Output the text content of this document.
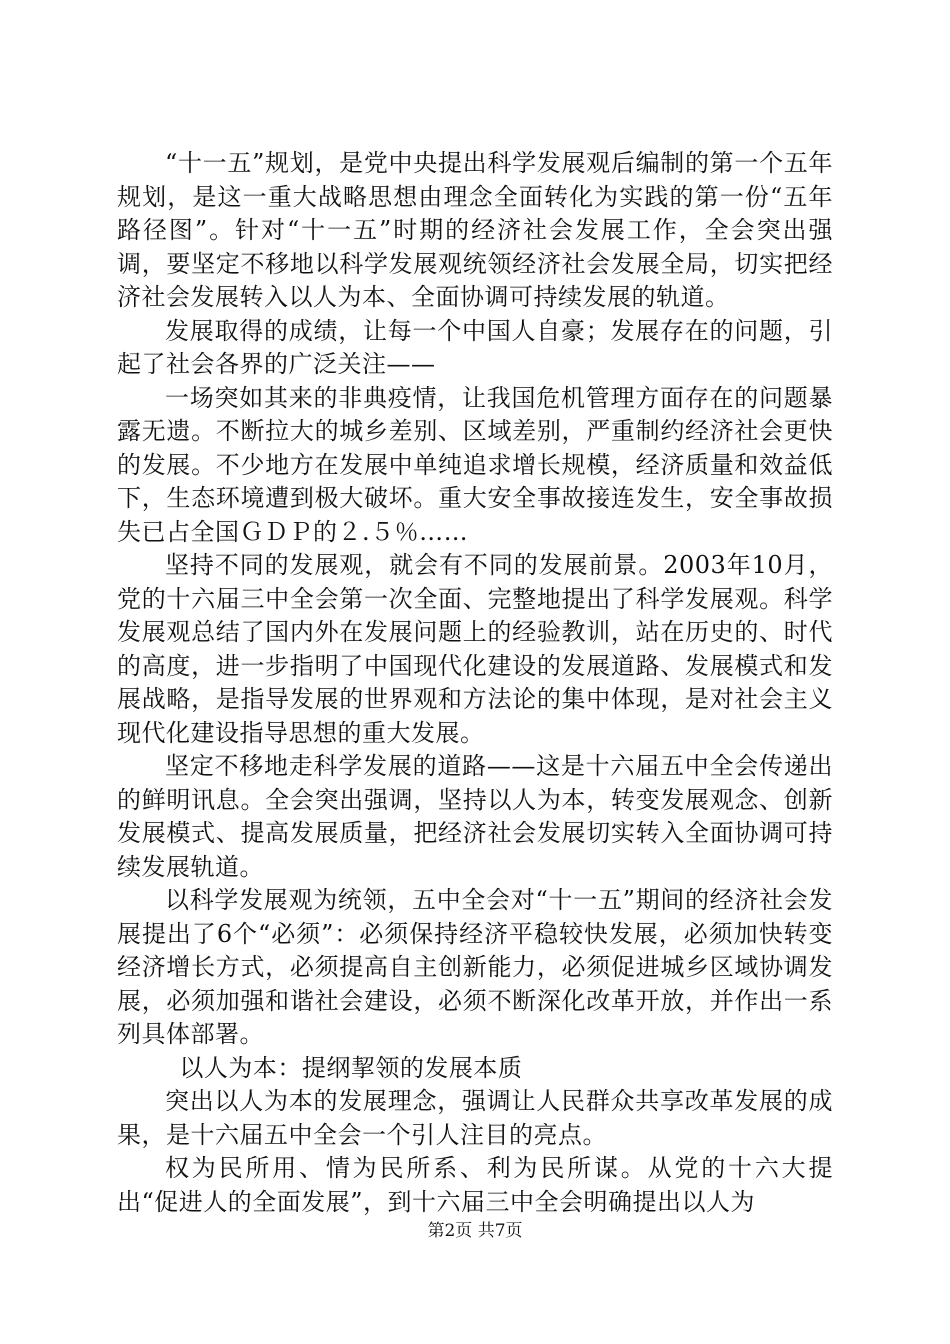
“十一五”规划，是党中央提出科学发展观后编制的第一个五年规划，是这一重大战略思想由理念全面转化为实践的第一份“五年路径图”。针对“十一五”时期的经济社会发展工作，全会突出强调，要坚定不移地以科学发展观统领经济社会发展全局，切实把经济社会发展转入以人为本、全面协调可持续发展的轨道。

发展取得的成绩，让每一个中国人自豪；发展存在的问题，引起了社会各界的广泛关注——

一场突如其来的非典疫情，让我国危机管理方面存在的问题暴露无遗。不断拉大的城乡差别、区域差别，严重制约经济社会更快的发展。不少地方在发展中单纯追求增长规模，经济质量和效益低下，生态环境遭到极大破坏。重大安全事故接连发生，安全事故损失已占全国ＧＤＰ的２.５％……

坚持不同的发展观，就会有不同的发展前景。2003年10月，党的十六届三中全会第一次全面、完整地提出了科学发展观。科学发展观总结了国内外在发展问题上的经验教训，站在历史的、时代的高度，进一步指明了中国现代化建设的发展道路、发展模式和发展战略，是指导发展的世界观和方法论的集中体现，是对社会主义现代化建设指导思想的重大发展。

坚定不移地走科学发展的道路——这是十六届五中全会传递出的鲜明讯息。全会突出强调，坚持以人为本，转变发展观念、创新发展模式、提高发展质量，把经济社会发展切实转入全面协调可持续发展轨道。

以科学发展观为统领，五中全会对“十一五”期间的经济社会发展提出了6个“必须”：必须保持经济平稳较快发展，必须加快转变经济增长方式，必须提高自主创新能力，必须促进城乡区域协调发展，必须加强和谐社会建设，必须不断深化改革开放，并作出一系列具体部署。

以人为本：提纲挈领的发展本质

突出以人为本的发展理念，强调让人民群众共享改革发展的成果，是十六届五中全会一个引人注目的亮点。

权为民所用、情为民所系、利为民所谋。从党的十六大提出“促进人的全面发展”，到十六届三中全会明确提出以人为

第2页 共7页
